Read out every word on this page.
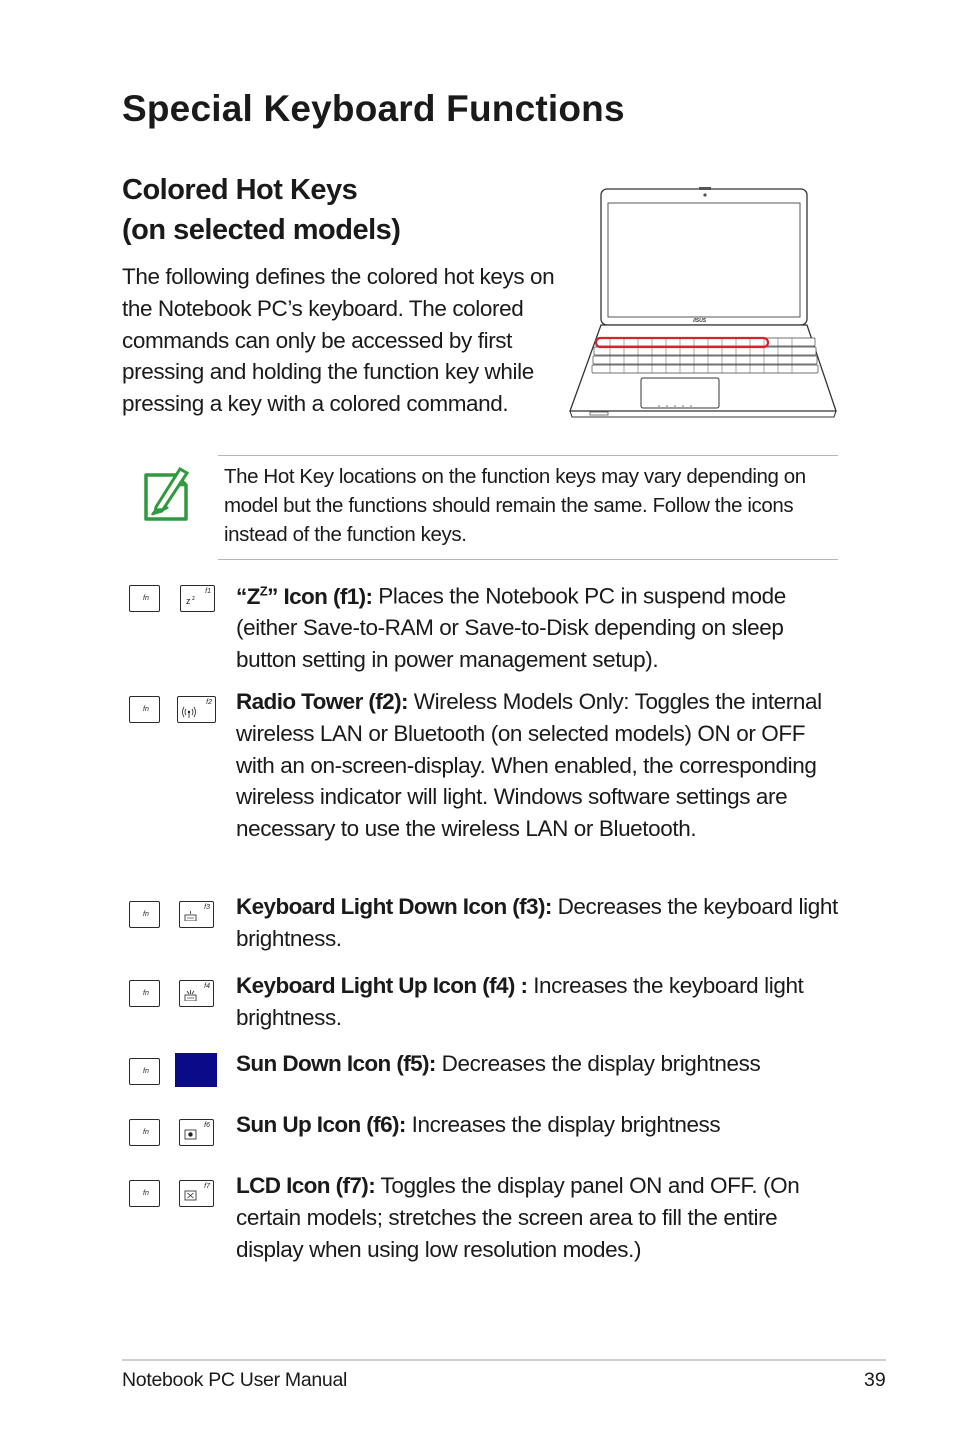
Special Keyboard Functions
Colored Hot Keys
(on selected models)

The following defines the colored hot keys on the Notebook PC’s keyboard. The colored commands can only be accessed by first pressing and holding the function key while pressing a key with a colored command.

/ISUS

The Hot Key locations on the function keys may vary depending on model but the functions should remain the same. Follow the icons instead of the function keys.

fn
f1
z z “$Z^Z$” Icon (f1): Places the Notebook PC in suspend mode (either Save-to-RAM or Save-to-Disk depending on sleep button setting in power management setup).

fn
f2 Radio Tower (f2): Wireless Models Only: Toggles the internal wireless LAN or Bluetooth (on selected models) ON or OFF with an on-screen-display. When enabled, the corresponding wireless indicator will light. Windows software settings are necessary to use the wireless LAN or Bluetooth.

fn
f3 Keyboard Light Down Icon (f3): Decreases the keyboard light brightness.

fn
f4 Keyboard Light Up Icon (f4) : Increases the keyboard light brightness.

fn	Sun Down Icon (f5): Decreases the display brightness

fn
f6 Sun Up Icon (f6): Increases the display brightness

fn
f7 LCD Icon (f7): Toggles the display panel ON and OFF. (On certain models; stretches the screen area to fill the entire display when using low resolution modes.)

Notebook PC User Manual	39
